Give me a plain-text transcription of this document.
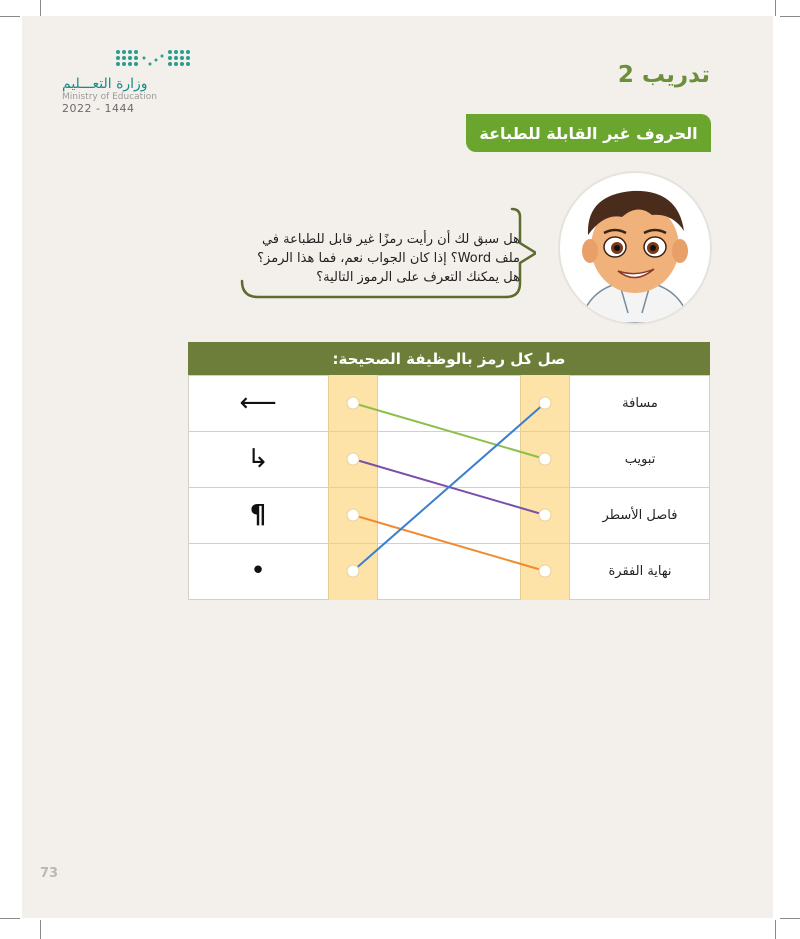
وزارة التعـــليم
Ministry of Education
2022 - 1444
تدريب 2
الحروف غير القابلة للطباعة
هل سبق لك أن رأيت رمزًا غير قابل للطباعة في
ملف Word؟ إذا كان الجواب نعم، فما هذا الرمز؟
هل يمكنك التعرف على الرموز التالية؟
صل كل رمز بالوظيفة الصحيحة:
⟵
↳
¶
•
مسافة
تبويب
فاصل الأسطر
نهاية الفقرة
73
